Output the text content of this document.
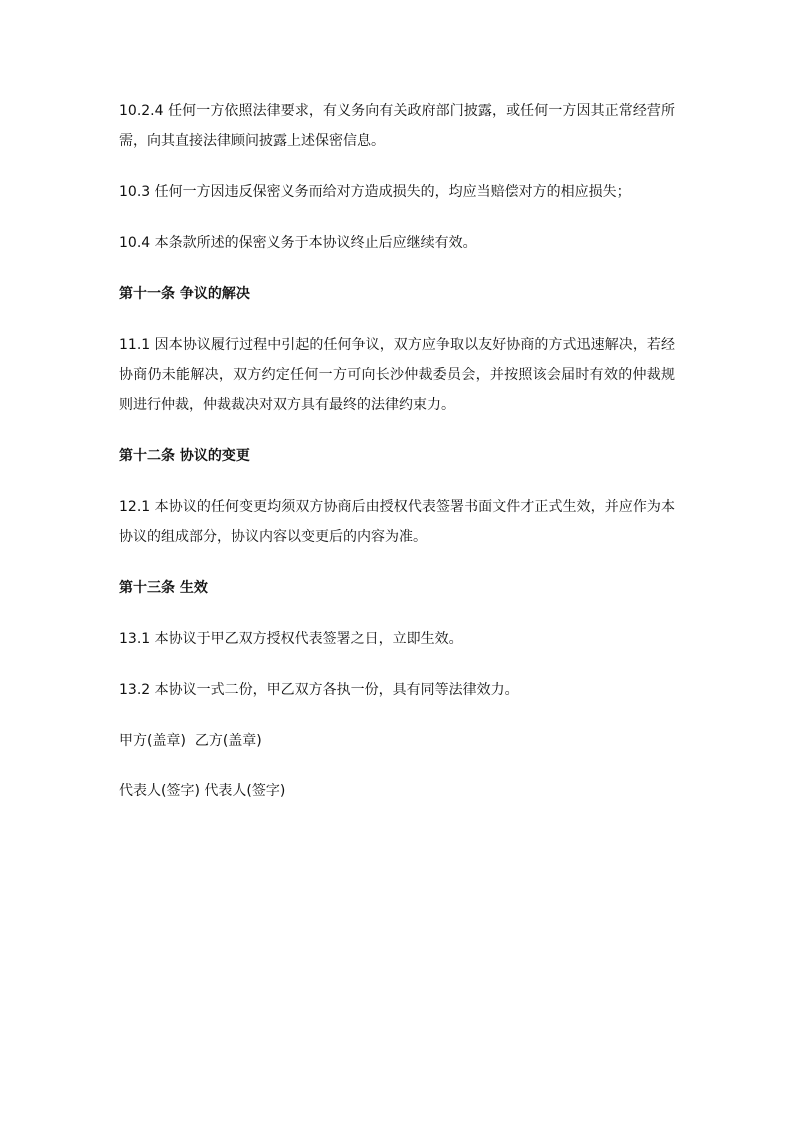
10.2.4 任何一方依照法律要求，有义务向有关政府部门披露，或任何一方因其正常经营所需，向其直接法律顾问披露上述保密信息。

10.3 任何一方因违反保密义务而给对方造成损失的，均应当赔偿对方的相应损失；

10.4 本条款所述的保密义务于本协议终止后应继续有效。

第十一条 争议的解决

11.1 因本协议履行过程中引起的任何争议，双方应争取以友好协商的方式迅速解决，若经协商仍未能解决，双方约定任何一方可向长沙仲裁委员会，并按照该会届时有效的仲裁规则进行仲裁，仲裁裁决对双方具有最终的法律约束力。

第十二条 协议的变更

12.1 本协议的任何变更均须双方协商后由授权代表签署书面文件才正式生效，并应作为本协议的组成部分，协议内容以变更后的内容为准。

第十三条 生效

13.1 本协议于甲乙双方授权代表签署之日，立即生效。

13.2 本协议一式二份，甲乙双方各执一份，具有同等法律效力。

甲方(盖章)  乙方(盖章)

代表人(签字) 代表人(签字)
